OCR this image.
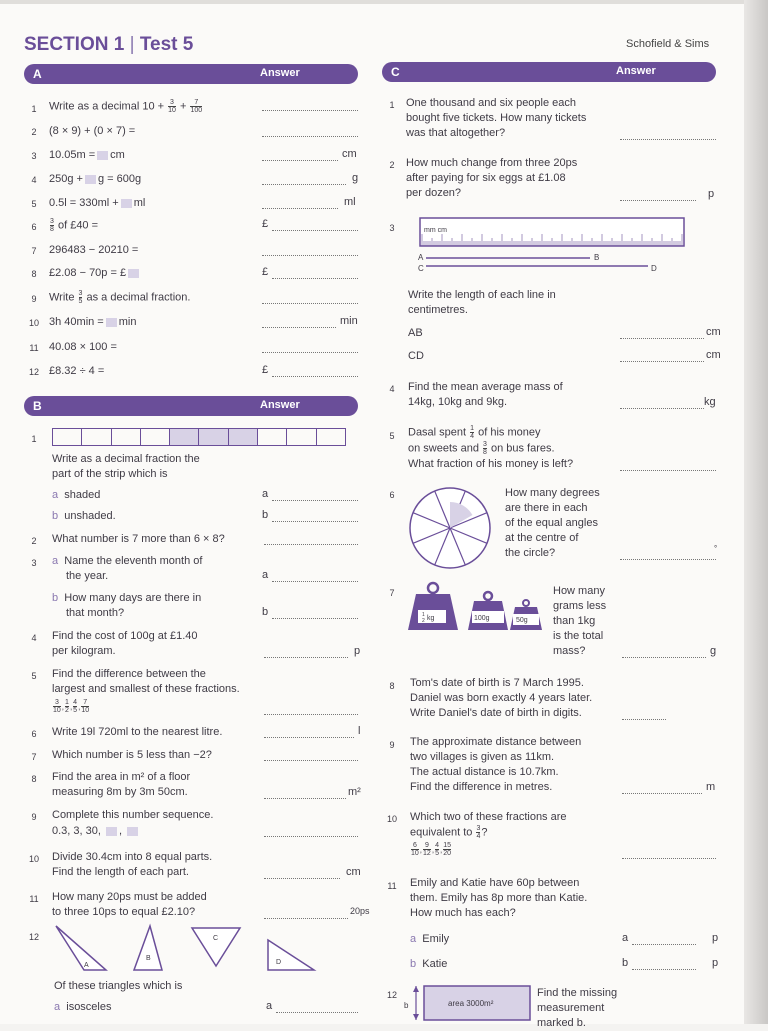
SECTION 1 | Test 5	Schofield & Sims
A	Answer
1	Write as a decimal $10 + \frac{3}{10} + \frac{7}{100}$
2	(8 × 9) + (0 × 7) =
3	10.05m = cm	cm
4	250g + g = 600g	g
5	0.5l = 330ml + ml	ml
6	$\frac{3}{8}$ of £40 =	£
7	296483 − 20210 =
8	£2.08 − 70p = £	£
9	Write $\frac{3}{5}$ as a decimal fraction.
10 3h 40min = min	min
11 40.08 × 100 =
12 £8.32 ÷ 4 =	£
B	Answer
1
Write as a decimal fraction the
part of the strip which is
a shaded	a
b unshaded.	b
2	What number is 7 more than 6 × 8?
3	a Name the eleventh month of
the year.	a
b How many days are there in
that month?	b
4	Find the cost of 100g at £1.40
per kilogram.	p
5	Find the difference between the
largest and smallest of these fractions.
$\frac{3}{10}$ , $\frac{1}{2}$ , $\frac{4}{5}$ , $\frac{7}{10}$
6	Write 19l 720ml to the nearest litre.	l
7	Which number is 5 less than −2?
8	Find the area in m² of a floor
measuring 8m by 3m 50cm.	m²
9	Complete this number sequence.
0.3, 3, 30, ,
10 Divide 30.4cm into 8 equal parts.
Find the length of each part.	cm
11 How many 20ps must be added
to three 10ps to equal £2.10?	20ps
12
A
B
C
D
Of these triangles which is
a isosceles	a
C	Answer
1	One thousand and six people each
bought five tickets. How many tickets
was that altogether?
2	How much change from three 20ps
after paying for six eggs at £1.08
per dozen?	p
3	mm cm
A	B
C	D
Write the length of each line in
centimetres.
AB	cm
CD	cm
4	Find the mean average mass of
14kg, 10kg and 9kg.	kg
5	Dasal spent $\frac{1}{4}$ of his money
on sweets and $\frac{3}{8}$ on bus fares.
What fraction of his money is left?
6	How many degrees
are there in each
of the equal angles
at the centre of
the circle?	°
7
1
2 kg	100g	50g
How many
grams less
than 1kg
is the total
mass?	g
8	Tom's date of birth is 7 March 1995.
Daniel was born exactly 4 years later.
Write Daniel's date of birth in digits.
9	The approximate distance between
two villages is given as 11km.
The actual distance is 10.7km.
Find the difference in metres.	m
10 Which two of these fractions are
equivalent to $\frac{3}{4}$ ?
$\frac{6}{10}$ , $\frac{9}{12}$ , $\frac{4}{5}$ , $\frac{15}{20}$
11 Emily and Katie have 60p between
them. Emily has 8p more than Katie.
How much has each?
a Emily	a	p
b Katie	b	p
12
b	area 3000m²
Find the missing
measurement
marked b.
